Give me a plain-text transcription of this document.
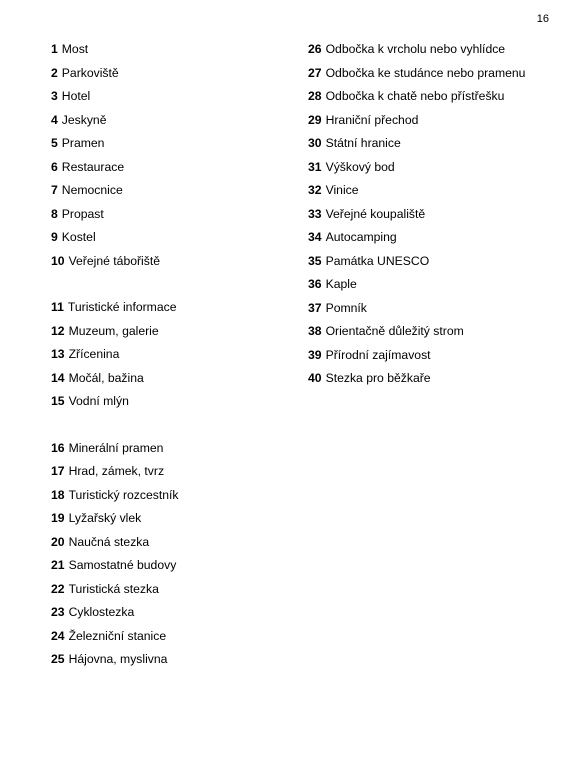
16
1 Most
2 Parkoviště
3 Hotel
4 Jeskyně
5 Pramen
6 Restaurace
7 Nemocnice
8 Propast
9 Kostel
10 Veřejné tábořiště
11 Turistické informace
12 Muzeum, galerie
13 Zřícenina
14 Močál, bažina
15 Vodní mlýn
16 Minerální pramen
17 Hrad, zámek, tvrz
18 Turistický rozcestník
19 Lyžařský vlek
20 Naučná stezka
21 Samostatné budovy
22 Turistická stezka
23 Cyklostezka
24 Železniční stanice
25 Hájovna, myslivna
26 Odbočka k vrcholu nebo vyhlídce
27 Odbočka ke studánce nebo pramenu
28 Odbočka k chatě nebo přístřešku
29 Hraniční přechod
30 Státní hranice
31 Výškový bod
32 Vinice
33 Veřejné koupaliště
34 Autocamping
35 Památka UNESCO
36 Kaple
37 Pomník
38 Orientačně důležitý strom
39 Přírodní zajímavost
40 Stezka pro běžkaře
